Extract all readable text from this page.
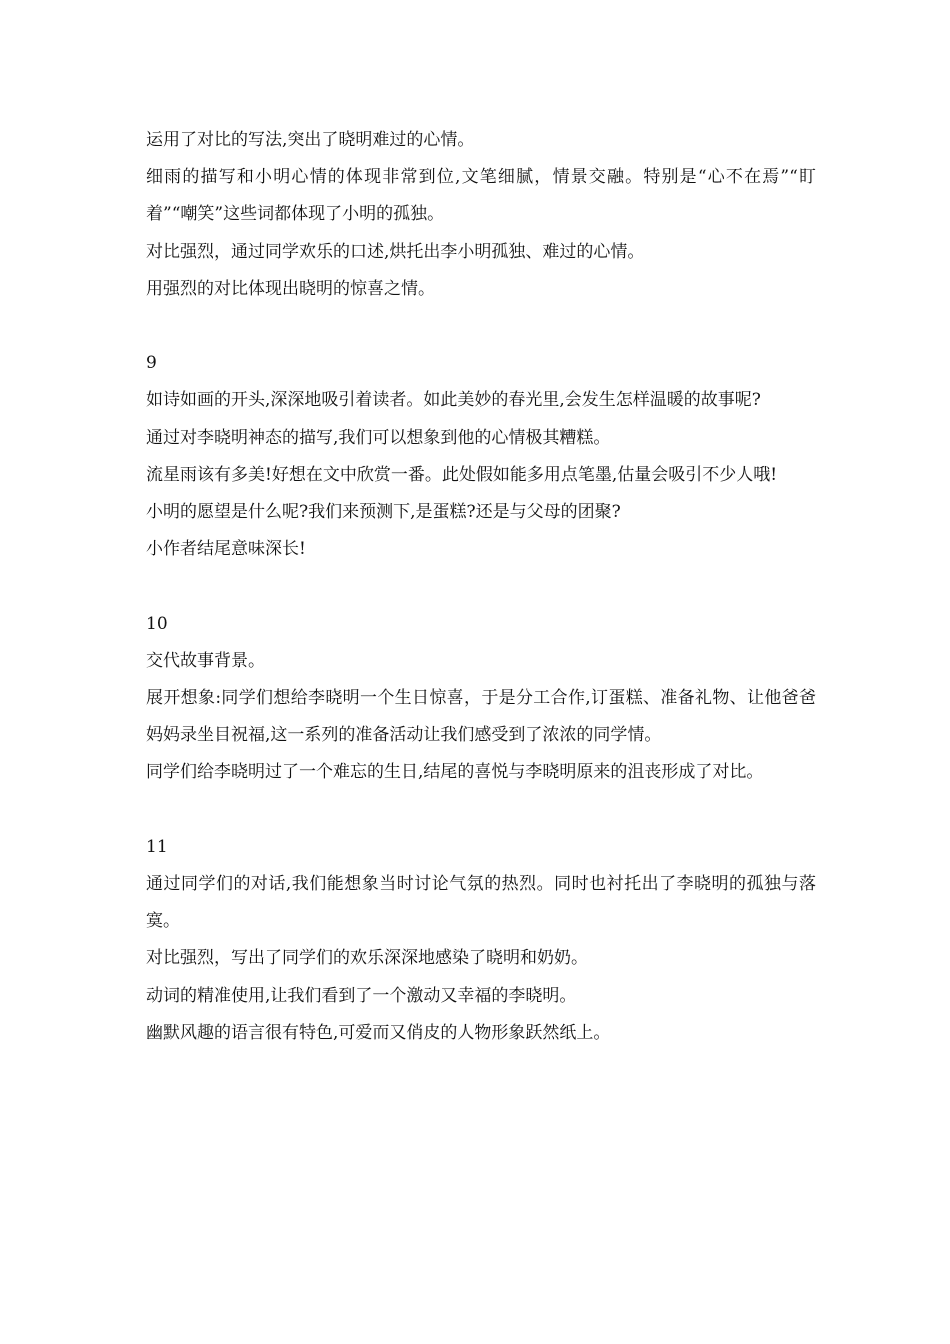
运用了对比的写法,突出了晓明难过的心情。

细雨的描写和小明心情的体现非常到位,文笔细腻，情景交融。特别是“心不在焉”“盯着”“嘲笑”这些词都体现了小明的孤独。

对比强烈，通过同学欢乐的口述,烘托出李小明孤独、难过的心情。

用强烈的对比体现出晓明的惊喜之情。

9

如诗如画的开头,深深地吸引着读者。如此美妙的春光里,会发生怎样温暖的故事呢?

通过对李晓明神态的描写,我们可以想象到他的心情极其糟糕。

流星雨该有多美!好想在文中欣赏一番。此处假如能多用点笔墨,估量会吸引不少人哦!

小明的愿望是什么呢?我们来预测下,是蛋糕?还是与父母的团聚?

小作者结尾意味深长!

10

交代故事背景。

展开想象:同学们想给李晓明一个生日惊喜，于是分工合作,订蛋糕、准备礼物、让他爸爸妈妈录坐目祝福,这一系列的准备活动让我们感受到了浓浓的同学情。

同学们给李晓明过了一个难忘的生日,结尾的喜悦与李晓明原来的沮丧形成了对比。

11

通过同学们的对话,我们能想象当时讨论气氛的热烈。同时也衬托出了李晓明的孤独与落寞。

对比强烈，写出了同学们的欢乐深深地感染了晓明和奶奶。

动词的精准使用,让我们看到了一个激动又幸福的李晓明。

幽默风趣的语言很有特色,可爱而又俏皮的人物形象跃然纸上。
